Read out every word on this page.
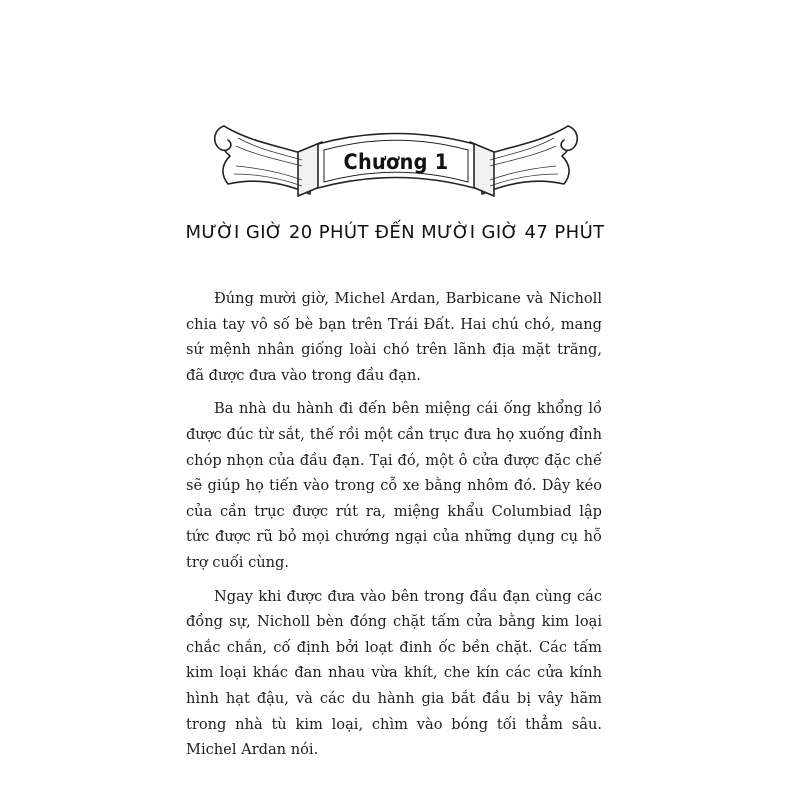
Chương 1
MƯỜI GIỜ 20 PHÚT ĐẾN MƯỜI GIỜ 47 PHÚT

Đúng mười giờ, Michel Ardan, Barbicane và Nicholl chia tay vô số bè bạn trên Trái Đất. Hai chú chó, mang sứ mệnh nhân giống loài chó trên lãnh địa mặt trăng, đã được đưa vào trong đầu đạn.

Ba nhà du hành đi đến bên miệng cái ống khổng lồ được đúc từ sắt, thế rồi một cần trục đưa họ xuống đỉnh chóp nhọn của đầu đạn. Tại đó, một ô cửa được đặc chế sẽ giúp họ tiến vào trong cỗ xe bằng nhôm đó. Dây kéo của cần trục được rút ra, miệng khẩu Columbiad lập tức được rũ bỏ mọi chướng ngại của những dụng cụ hỗ trợ cuối cùng.

Ngay khi được đưa vào bên trong đầu đạn cùng các đồng sự, Nicholl bèn đóng chặt tấm cửa bằng kim loại chắc chắn, cố định bởi loạt đinh ốc bền chặt. Các tấm kim loại khác đan nhau vừa khít, che kín các cửa kính hình hạt đậu, và các du hành gia bắt đầu bị vây hãm trong nhà tù kim loại, chìm vào bóng tối thẳm sâu. Michel Ardan nói.
